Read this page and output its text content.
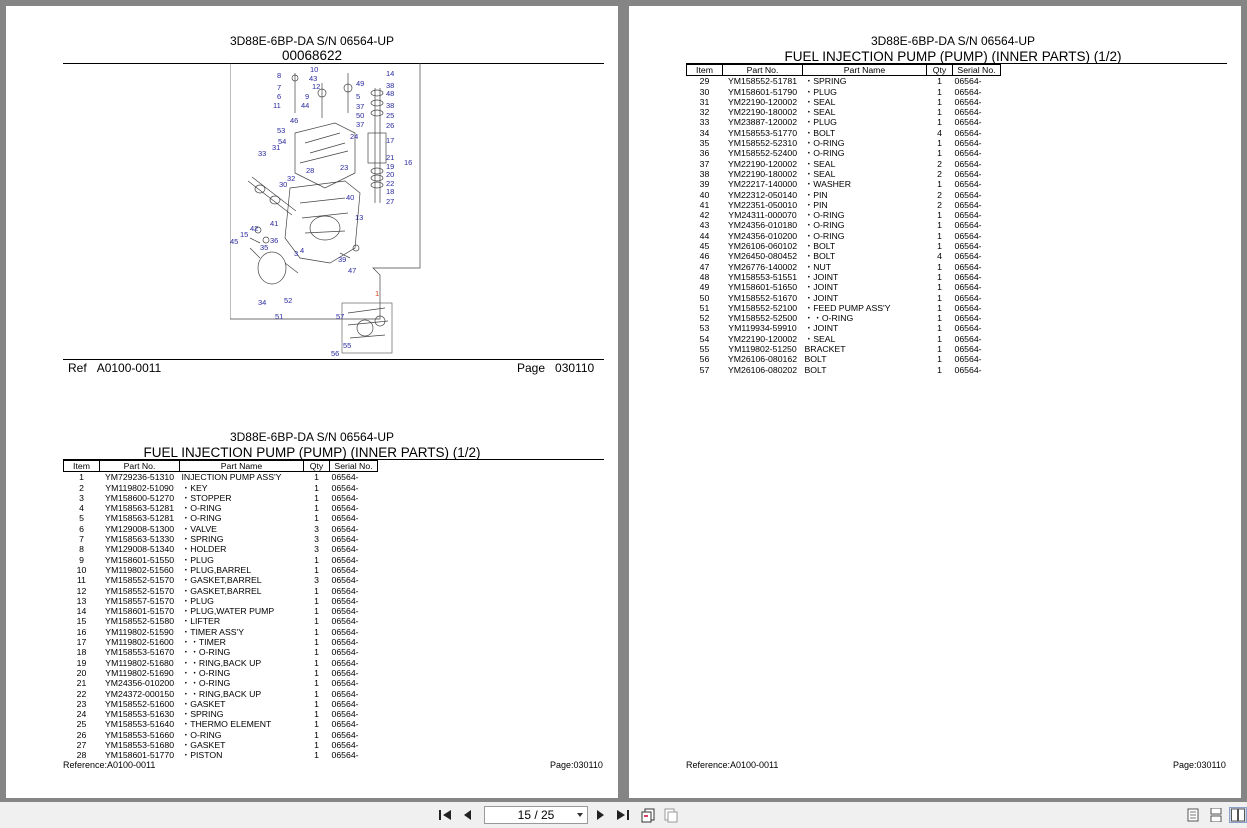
3D88E-6BP-DA S/N 06564-UP
00068622
10
8	43
12
14
38
48
49
7
6	9	5
38
11	44	37
50	25
46	37	26
53
54
24	17
31
21
16
33
23	19
28	20
32
22
30
18
27
40
13
41
42
36
15
45
35
3 4
39
47
34 52
51	57
55
56
1
Ref A0100-0011	Page 030110
3D88E-6BP-DA S/N 06564-UP
FUEL INJECTION PUMP (PUMP) (INNER PARTS) (1/2)
Item	Part No.	Part Name	Qty	Serial No.
1	YM729236-51310	INJECTION PUMP ASS'Y	1	06564-
2	YM119802-51090	・KEY	1	06564-
3	YM158600-51270	・STOPPER	1	06564-
4	YM158563-51281	・O-RING	1	06564-
5	YM158563-51281	・O-RING	1	06564-
6	YM129008-51300	・VALVE	3	06564-
7	YM158563-51330	・SPRING	3	06564-
8	YM129008-51340	・HOLDER	3	06564-
9	YM158601-51550	・PLUG	1	06564-
10	YM119802-51560	・PLUG,BARREL	1	06564-
11	YM158552-51570	・GASKET,BARREL	3	06564-
12	YM158552-51570	・GASKET,BARREL	1	06564-
13	YM158557-51570	・PLUG	1	06564-
14	YM158601-51570	・PLUG,WATER PUMP	1	06564-
15	YM158552-51580	・LIFTER	1	06564-
16	YM119802-51590	・TIMER ASS'Y	1	06564-
17	YM119802-51600	・・TIMER	1	06564-
18	YM158553-51670	・・O-RING	1	06564-
19	YM119802-51680	・・RING,BACK UP	1	06564-
20	YM119802-51690	・・O-RING	1	06564-
21	YM24356-010200	・・O-RING	1	06564-
22	YM24372-000150	・・RING,BACK UP	1	06564-
23	YM158552-51600	・GASKET	1	06564-
24	YM158553-51630	・SPRING	1	06564-
25	YM158553-51640	・THERMO ELEMENT	1	06564-
26	YM158553-51660	・O-RING	1	06564-
27	YM158553-51680	・GASKET	1	06564-
28	YM158601-51770	・PISTON	1	06564-
Reference:A0100-0011	Page:030110
3D88E-6BP-DA S/N 06564-UP
FUEL INJECTION PUMP (PUMP) (INNER PARTS) (1/2)
Item	Part No.	Part Name	Qty	Serial No.
29	YM158552-51781	・SPRING	1	06564-
30	YM158601-51790	・PLUG	1	06564-
31	YM22190-120002	・SEAL	1	06564-
32	YM22190-180002	・SEAL	1	06564-
33	YM23887-120002	・PLUG	1	06564-
34	YM158553-51770	・BOLT	4	06564-
35	YM158552-52310	・O-RING	1	06564-
36	YM158552-52400	・O-RING	1	06564-
37	YM22190-120002	・SEAL	2	06564-
38	YM22190-180002	・SEAL	2	06564-
39	YM22217-140000	・WASHER	1	06564-
40	YM22312-050140	・PIN	2	06564-
41	YM22351-050010	・PIN	2	06564-
42	YM24311-000070	・O-RING	1	06564-
43	YM24356-010180	・O-RING	1	06564-
44	YM24356-010200	・O-RING	1	06564-
45	YM26106-060102	・BOLT	1	06564-
46	YM26450-080452	・BOLT	4	06564-
47	YM26776-140002	・NUT	1	06564-
48	YM158553-51551	・JOINT	1	06564-
49	YM158601-51650	・JOINT	1	06564-
50	YM158552-51670	・JOINT	1	06564-
51	YM158552-52100	・FEED PUMP ASS'Y	1	06564-
52	YM158552-52500	・・O-RING	1	06564-
53	YM119934-59910	・JOINT	1	06564-
54	YM22190-120002	・SEAL	1	06564-
55	YM119802-51250	BRACKET	1	06564-
56	YM26106-080162	BOLT	1	06564-
57	YM26106-080202	BOLT	1	06564-
Reference:A0100-0011	Page:030110
15 / 25
